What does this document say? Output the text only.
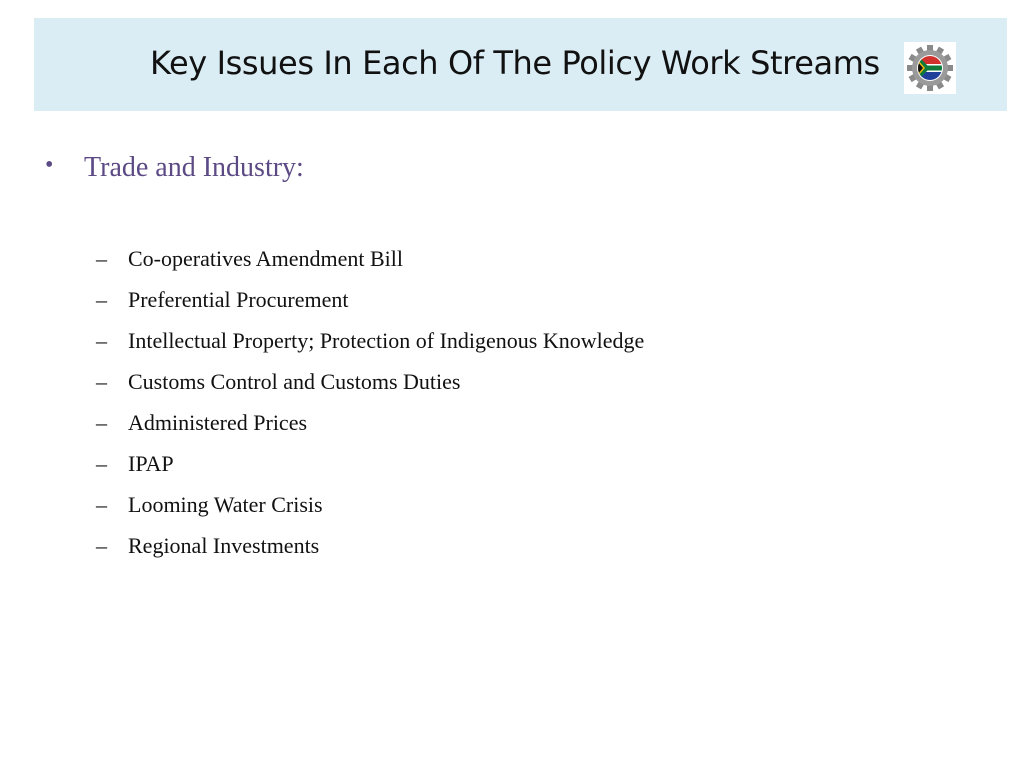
Key Issues In Each Of The Policy Work Streams
• Trade and Industry:
– Co-operatives Amendment Bill
– Preferential Procurement
– Intellectual Property; Protection of Indigenous Knowledge
– Customs Control and Customs Duties
– Administered Prices
– IPAP
– Looming Water Crisis
– Regional Investments
